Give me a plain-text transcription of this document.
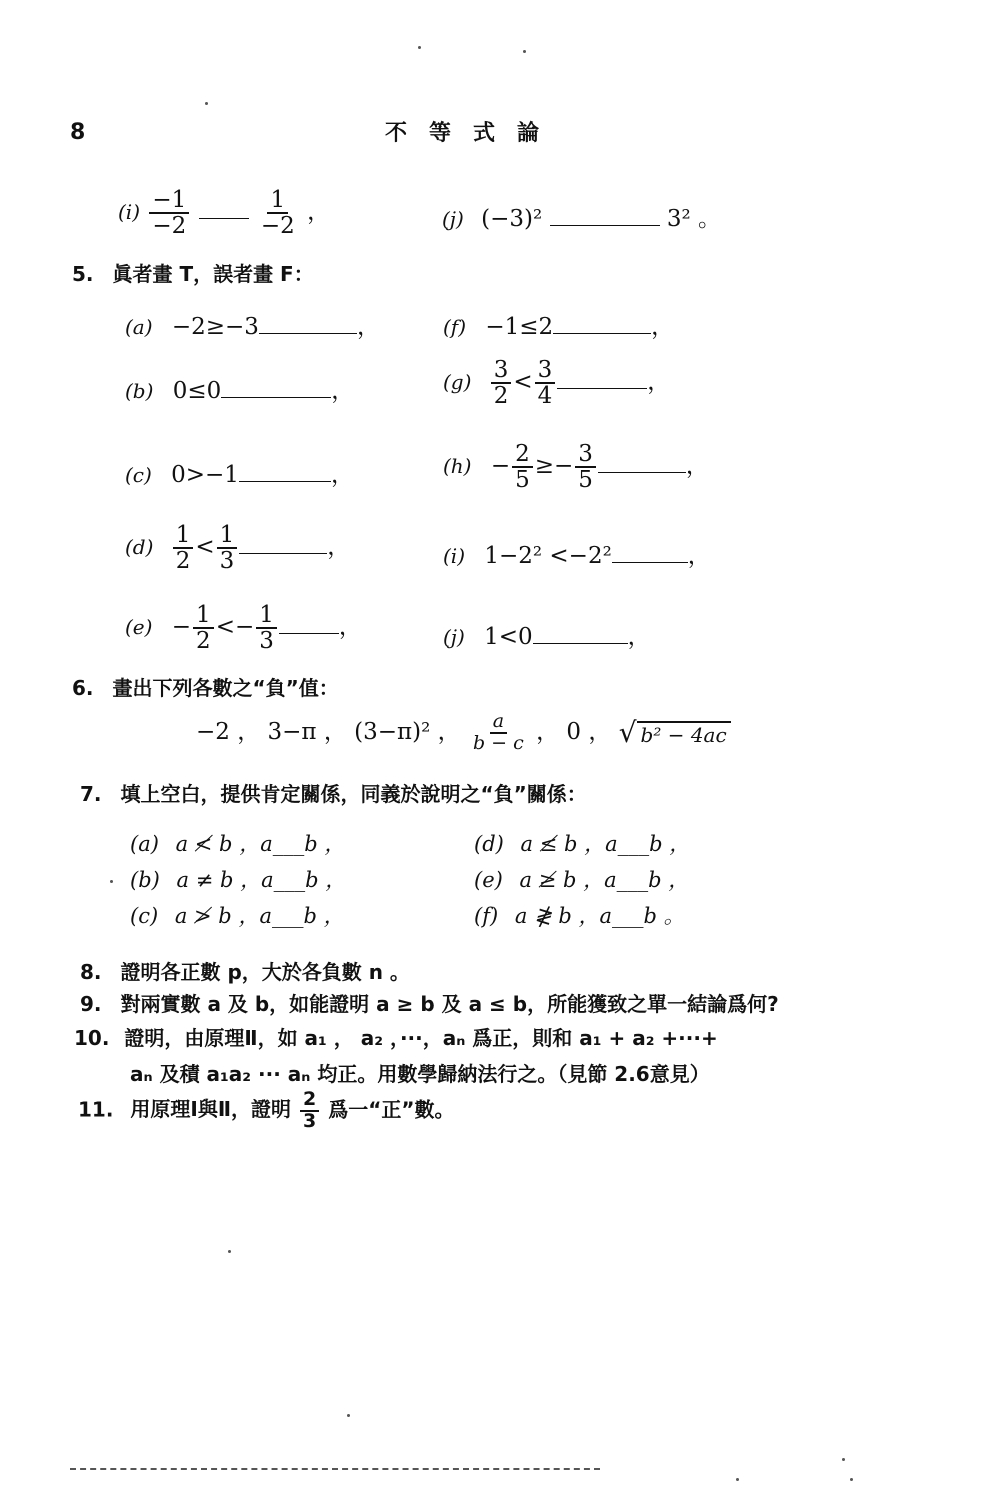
8	不等式論
$(i) \frac{-1}{-2}$
	$\frac{1}{-2}$ ，	(j) (−3)²	3² 。
5. 眞者畫 T，誤者畫 F：
(a) −2≥−3	，
(b) 0≤0	，
(c) 0>−1	，
$(d) \frac{1}{2} < \frac{1}{3}$	，
$(e) - \frac{1}{2} <- \frac{1}{3}$	，
(f) −1≤2	，
$(g) \frac{3}{2} < \frac{3}{4}$	，
$(h) - \frac{2}{5} \ge- \frac{3}{5}$	，
(i) 1−2² <−2²	，
(j) 1<0	，
6. 畫出下列各數之“負”值：
−2 ， 3−π ， (3−π)² ， $\frac{a}{b - c}$ ， 0 ， √ b² − 4ac
7. 填上空白，提供肯定關係，同義於說明之“負”關係：
(a) a ≮ b ，a___b ，
(b) a ≠ b ，a___b ，
(c) a ≯ b ，a___b ，
(d) a ≰ b ，a___b ，
(e) a ≱ b ，a___b ，
(f) a ≹ b ，a___b 。
8. 證明各正數 p，大於各負數 n 。
9. 對兩實數 a 及 b，如能證明 a ≥ b 及 a ≤ b，所能獲致之單一結論爲何?
10. 證明，由原理Ⅱ，如 a₁ ， a₂ ，···，aₙ 爲正，則和 a₁ + a₂ +···+
aₙ 及積 a₁a₂ ··· aₙ 均正。用數學歸納法行之。（見節 2.6意見）
11. 用原理Ⅰ與Ⅱ，證明 $\frac{2}{3}$ 爲一“正”數。
